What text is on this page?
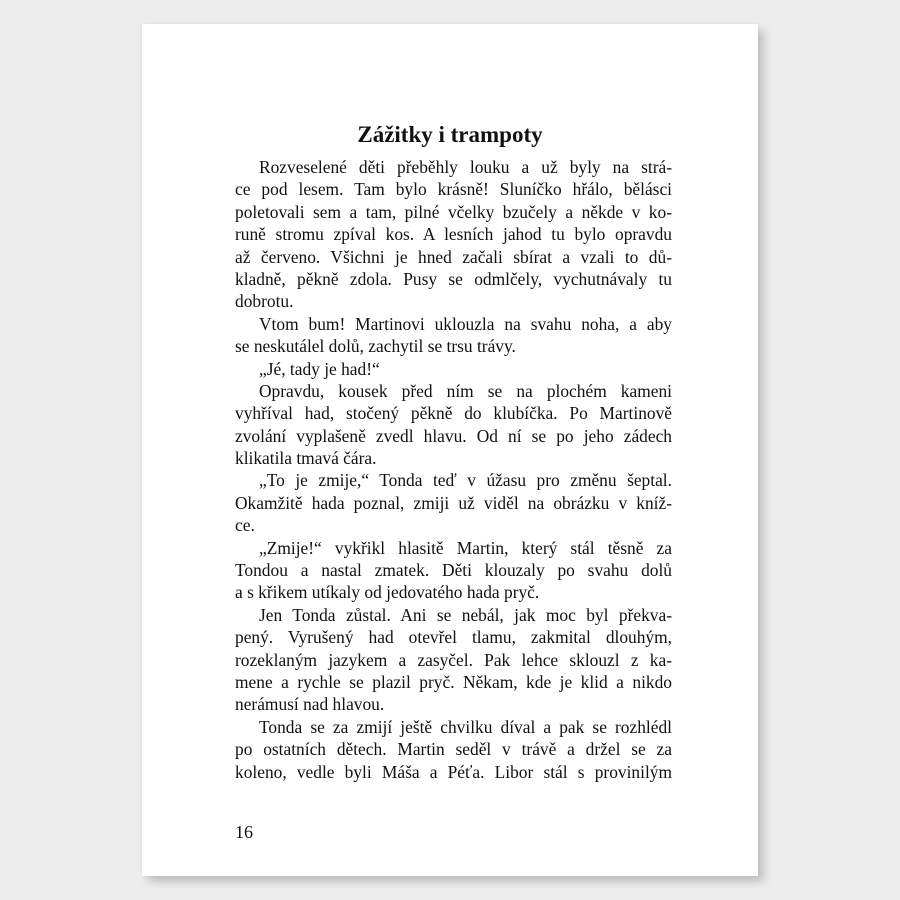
Zážitky i trampoty
Rozveselené děti přeběhly louku a už byly na strá-
ce pod lesem. Tam bylo krásně! Sluníčko hřálo, bělásci
poletovali sem a tam, pilné včelky bzučely a někde v ko-
runě stromu zpíval kos. A lesních jahod tu bylo opravdu
až červeno. Všichni je hned začali sbírat a vzali to dů-
kladně, pěkně zdola. Pusy se odmlčely, vychutnávaly tu
dobrotu.
Vtom bum! Martinovi uklouzla na svahu noha, a aby
se neskutálel dolů, zachytil se trsu trávy.
„Jé, tady je had!“
Opravdu, kousek před ním se na plochém kameni
vyhříval had, stočený pěkně do klubíčka. Po Martinově
zvolání vyplašeně zvedl hlavu. Od ní se po jeho zádech
klikatila tmavá čára.
„To je zmije,“ Tonda teď v úžasu pro změnu šeptal.
Okamžitě hada poznal, zmiji už viděl na obrázku v kníž-
ce.
„Zmije!“ vykřikl hlasitě Martin, který stál těsně za
Tondou a nastal zmatek. Děti klouzaly po svahu dolů
a s křikem utíkaly od jedovatého hada pryč.
Jen Tonda zůstal. Ani se nebál, jak moc byl překva-
pený. Vyrušený had otevřel tlamu, zakmital dlouhým,
rozeklaným jazykem a zasyčel. Pak lehce sklouzl z ka-
mene a rychle se plazil pryč. Někam, kde je klid a nikdo
nerámusí nad hlavou.
Tonda se za zmijí ještě chvilku díval a pak se rozhlédl
po ostatních dětech. Martin seděl v trávě a držel se za
koleno, vedle byli Máša a Péťa. Libor stál s provinilým
16
